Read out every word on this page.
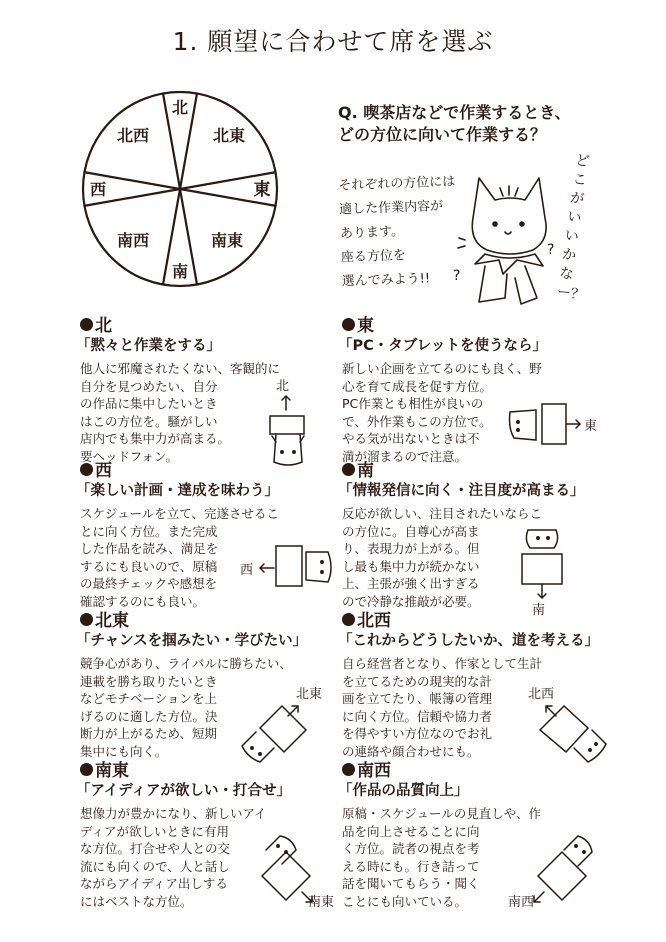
1. 願望に合わせて席を選ぶ
北
北東
東
南東
南
南西
西
北西
Q. 喫茶店などで作業するとき、
どの方位に向いて作業する？
それぞれの方位には
適した作業内容が
あります。
座る方位を
選んでみよう!!
どこがいいかなー？
?
?
北
「黙々と作業をする」
他人に邪魔されたくない、客観的に
自分を見つめたい、自分
の作品に集中したいとき
はこの方位を。騒がしい
店内でも集中力が高まる。
要ヘッドフォン。
北
東
「PC・タブレットを使うなら」
新しい企画を立てるのにも良く、野
心を育て成長を促す方位。
PC作業とも相性が良いの
で、外作業もこの方位で。
やる気が出ないときは不
満が溜まるので注意。
東
西
「楽しい計画・達成を味わう」
スケジュールを立て、完遂させるこ
とに向く方位。また完成
した作品を読み、満足を
するにも良いので、原稿
の最終チェックや感想を
確認するのにも良い。
西
南
「情報発信に向く・注目度が高まる」
反応が欲しい、注目されたいならこ
の方位に。自尊心が高ま
り、表現力が上がる。但
し最も集中力が続かない
上、主張が強く出すぎる
ので冷静な推敲が必要。
南
北東
「チャンスを掴みたい・学びたい」
競争心があり、ライバルに勝ちたい、
連載を勝ち取りたいとき
などモチベーションを上
げるのに適した方位。決
断力が上がるため、短期
集中にも向く。
北東
北西
「これからどうしたいか、道を考える」
自ら経営者となり、作家として生計
を立てるための現実的な計
画を立てたり、帳簿の管理
に向く方位。信頼や協力者
を得やすい方位なのでお礼
の連絡や顔合わせにも。
北西
南東
「アイディアが欲しい・打合せ」
想像力が豊かになり、新しいアイ
ディアが欲しいときに有用
な方位。打合せや人との交
流にも向くので、人と話し
ながらアイディア出しする
にはベストな方位。	南東
南西
「作品の品質向上」
原稿・スケジュールの見直しや、作
品を向上させることに向
く方位。読者の視点を考
える時にも。行き詰って
話を聞いてもらう・聞く
ことにも向いている。	南西
